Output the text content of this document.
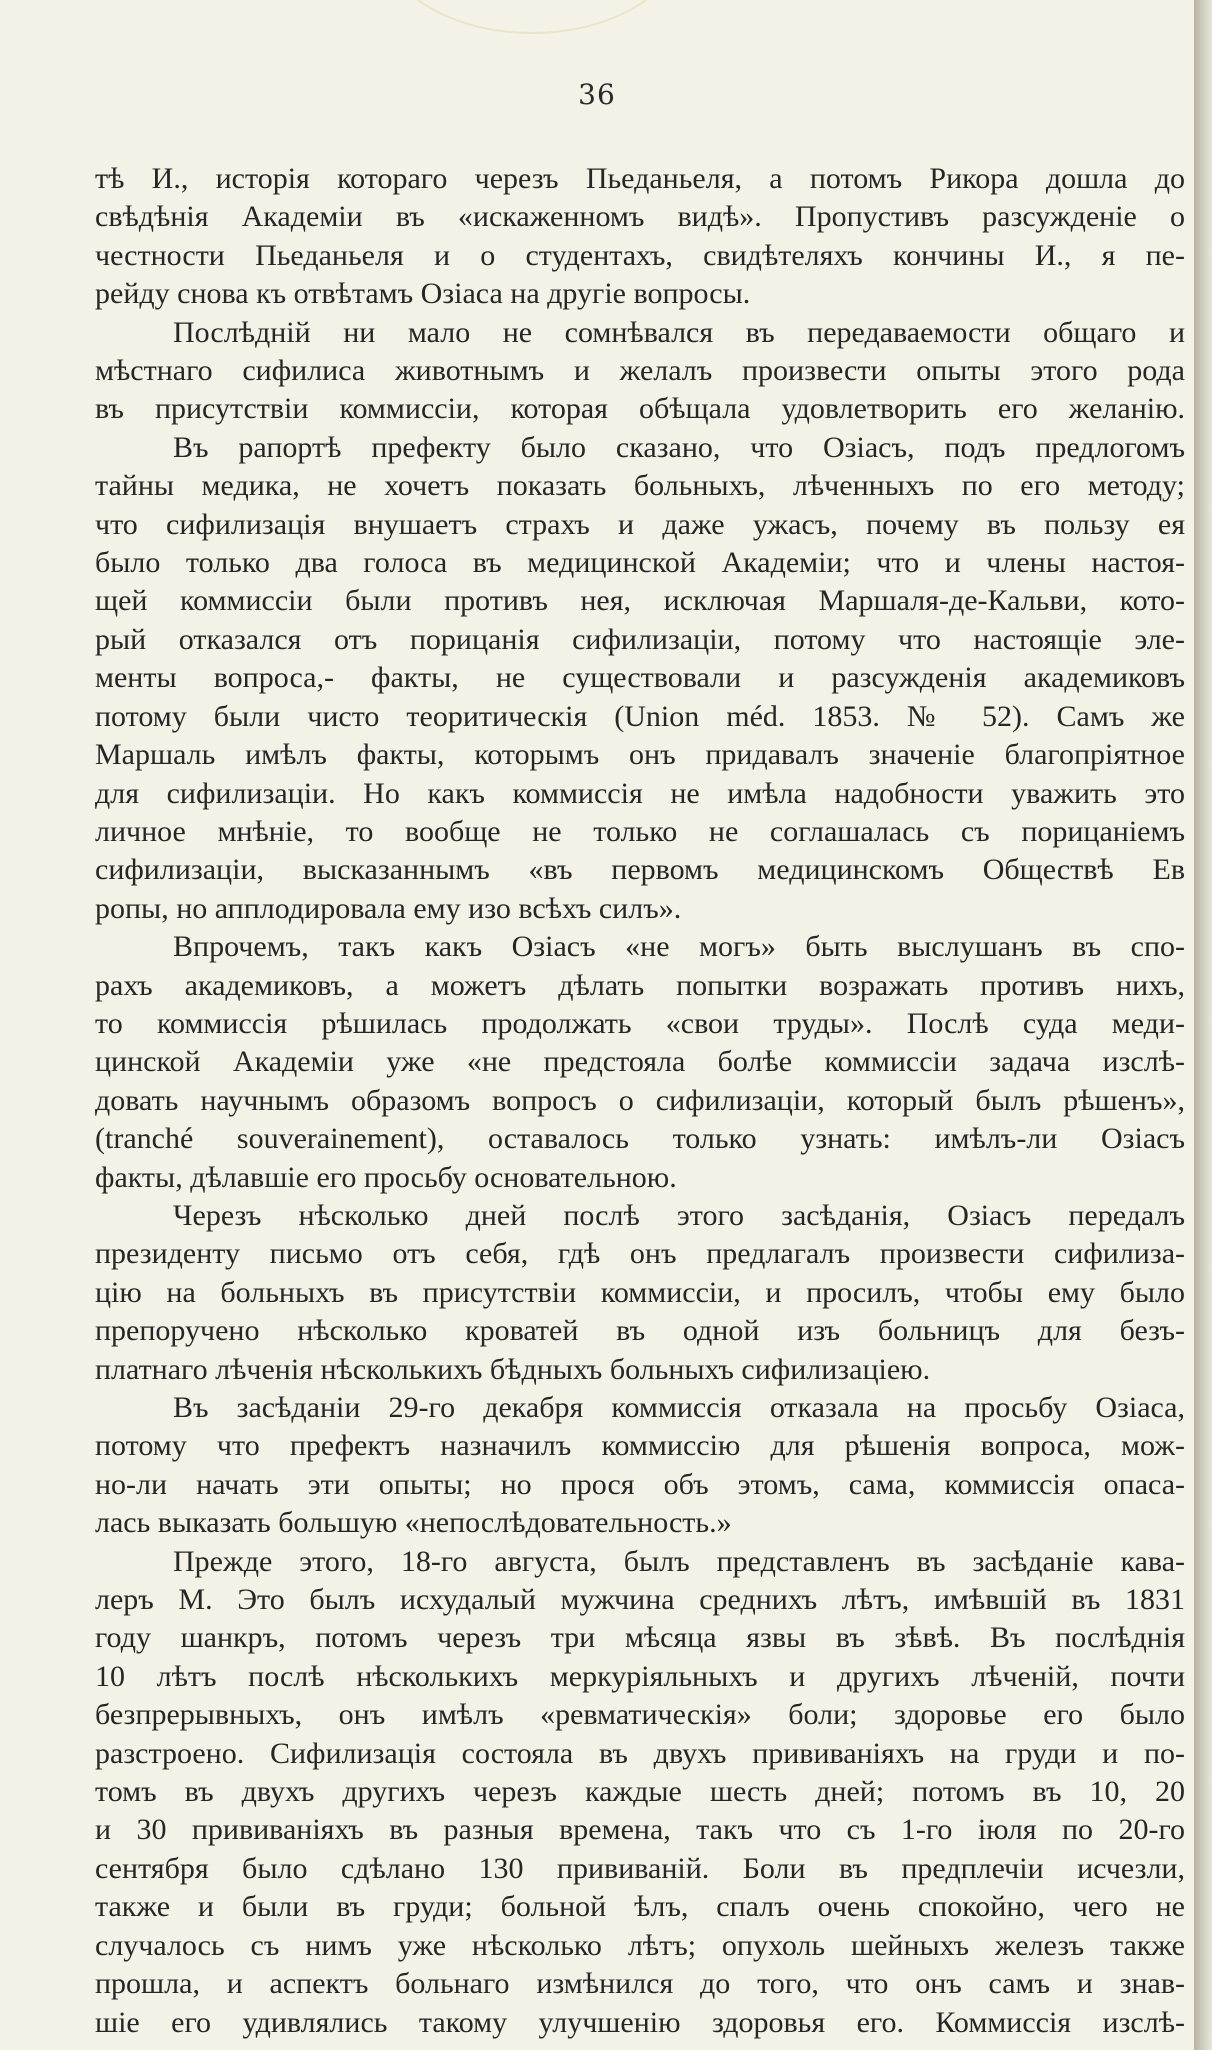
36

тѣ И., исторія котораго черезъ Пьеданьеля, а потомъ Рикора дошла до

свѣдѣнія Академіи въ «искаженномъ видѣ». Пропустивъ разсужденіе о

честности Пьеданьеля и о студентахъ, свидѣтеляхъ кончины И., я пе-

рейду снова къ отвѣтамъ Озіаса на другіе вопросы.

Послѣдній ни мало не сомнѣвался въ передаваемости общаго и

мѣстнаго сифилиса животнымъ и желалъ произвести опыты этого рода

въ присутствіи коммиссіи, которая обѣщала удовлетворить его желанію.

Въ рапортѣ префекту было сказано, что Озіасъ, подъ предлогомъ

тайны медика, не хочетъ показать больныхъ, лѣченныхъ по его методу;

что сифилизація внушаетъ страхъ и даже ужасъ, почему въ пользу ея

было только два голоса въ медицинской Академіи; что и члены настоя-

щей коммиссіи были противъ нея, исключая Маршаля-де-Кальви, кото-

рый отказался отъ порицанія сифилизаціи, потому что настоящіе эле-

менты вопроса,- факты, не существовали и разсужденія академиковъ

потому были чисто теоритическія (Union méd. 1853. № 52). Самъ же

Маршаль имѣлъ факты, которымъ онъ придавалъ значеніе благопріятное

для сифилизаціи. Но какъ коммиссія не имѣла надобности уважить это

личное мнѣніе, то вообще не только не соглашалась съ порицаніемъ

сифилизаціи, высказаннымъ «въ первомъ медицинскомъ Обществѣ Ев

ропы, но апплодировала ему изо всѣхъ силъ».

Впрочемъ, такъ какъ Озіасъ «не могъ» быть выслушанъ въ спо-

рахъ академиковъ, а можетъ дѣлать попытки возражать противъ нихъ,

то коммиссія рѣшилась продолжать «свои труды». Послѣ суда меди-

цинской Академіи уже «не предстояла болѣе коммиссіи задача изслѣ-

довать научнымъ образомъ вопросъ о сифилизаціи, который былъ рѣшенъ»,

(tranché souverainement), оставалось только узнать: имѣлъ-ли Озіасъ

факты, дѣлавшіе его просьбу основательною.

Черезъ нѣсколько дней послѣ этого засѣданія, Озіасъ передалъ

президенту письмо отъ себя, гдѣ онъ предлагалъ произвести сифилиза-

цію на больныхъ въ присутствіи коммиссіи, и просилъ, чтобы ему было

препоручено нѣсколько кроватей въ одной изъ больницъ для безъ-

платнаго лѣченія нѣсколькихъ бѣдныхъ больныхъ сифилизаціею.

Въ засѣданіи 29-го декабря коммиссія отказала на просьбу Озіаса,

потому что префектъ назначилъ коммиссію для рѣшенія вопроса, мож-

но-ли начать эти опыты; но прося объ этомъ, сама, коммиссія опаса-

лась выказать большую «непослѣдовательность.»

Прежде этого, 18-го августа, былъ представленъ въ засѣданіе кава-

леръ М. Это былъ исхудалый мужчина среднихъ лѣтъ, имѣвшій въ 1831

году шанкръ, потомъ черезъ три мѣсяца язвы въ зѣвѣ. Въ послѣднія

10 лѣтъ послѣ нѣсколькихъ меркуріяльныхъ и другихъ лѣченій, почти

безпрерывныхъ, онъ имѣлъ «ревматическія» боли; здоровье его было

разстроено. Сифилизація состояла въ двухъ прививаніяхъ на груди и по-

томъ въ двухъ другихъ черезъ каждые шесть дней; потомъ въ 10, 20

и 30 прививаніяхъ въ разныя времена, такъ что съ 1-го іюля по 20-го

сентября было сдѣлано 130 прививаній. Боли въ предплечіи исчезли,

также и были въ груди; больной ѣлъ, спалъ очень спокойно, чего не

случалось съ нимъ уже нѣсколько лѣтъ; опухоль шейныхъ железъ также

прошла, и аспектъ больнаго измѣнился до того, что онъ самъ и знав-

шіе его удивлялись такому улучшенію здоровья его. Коммиссія изслѣ-
